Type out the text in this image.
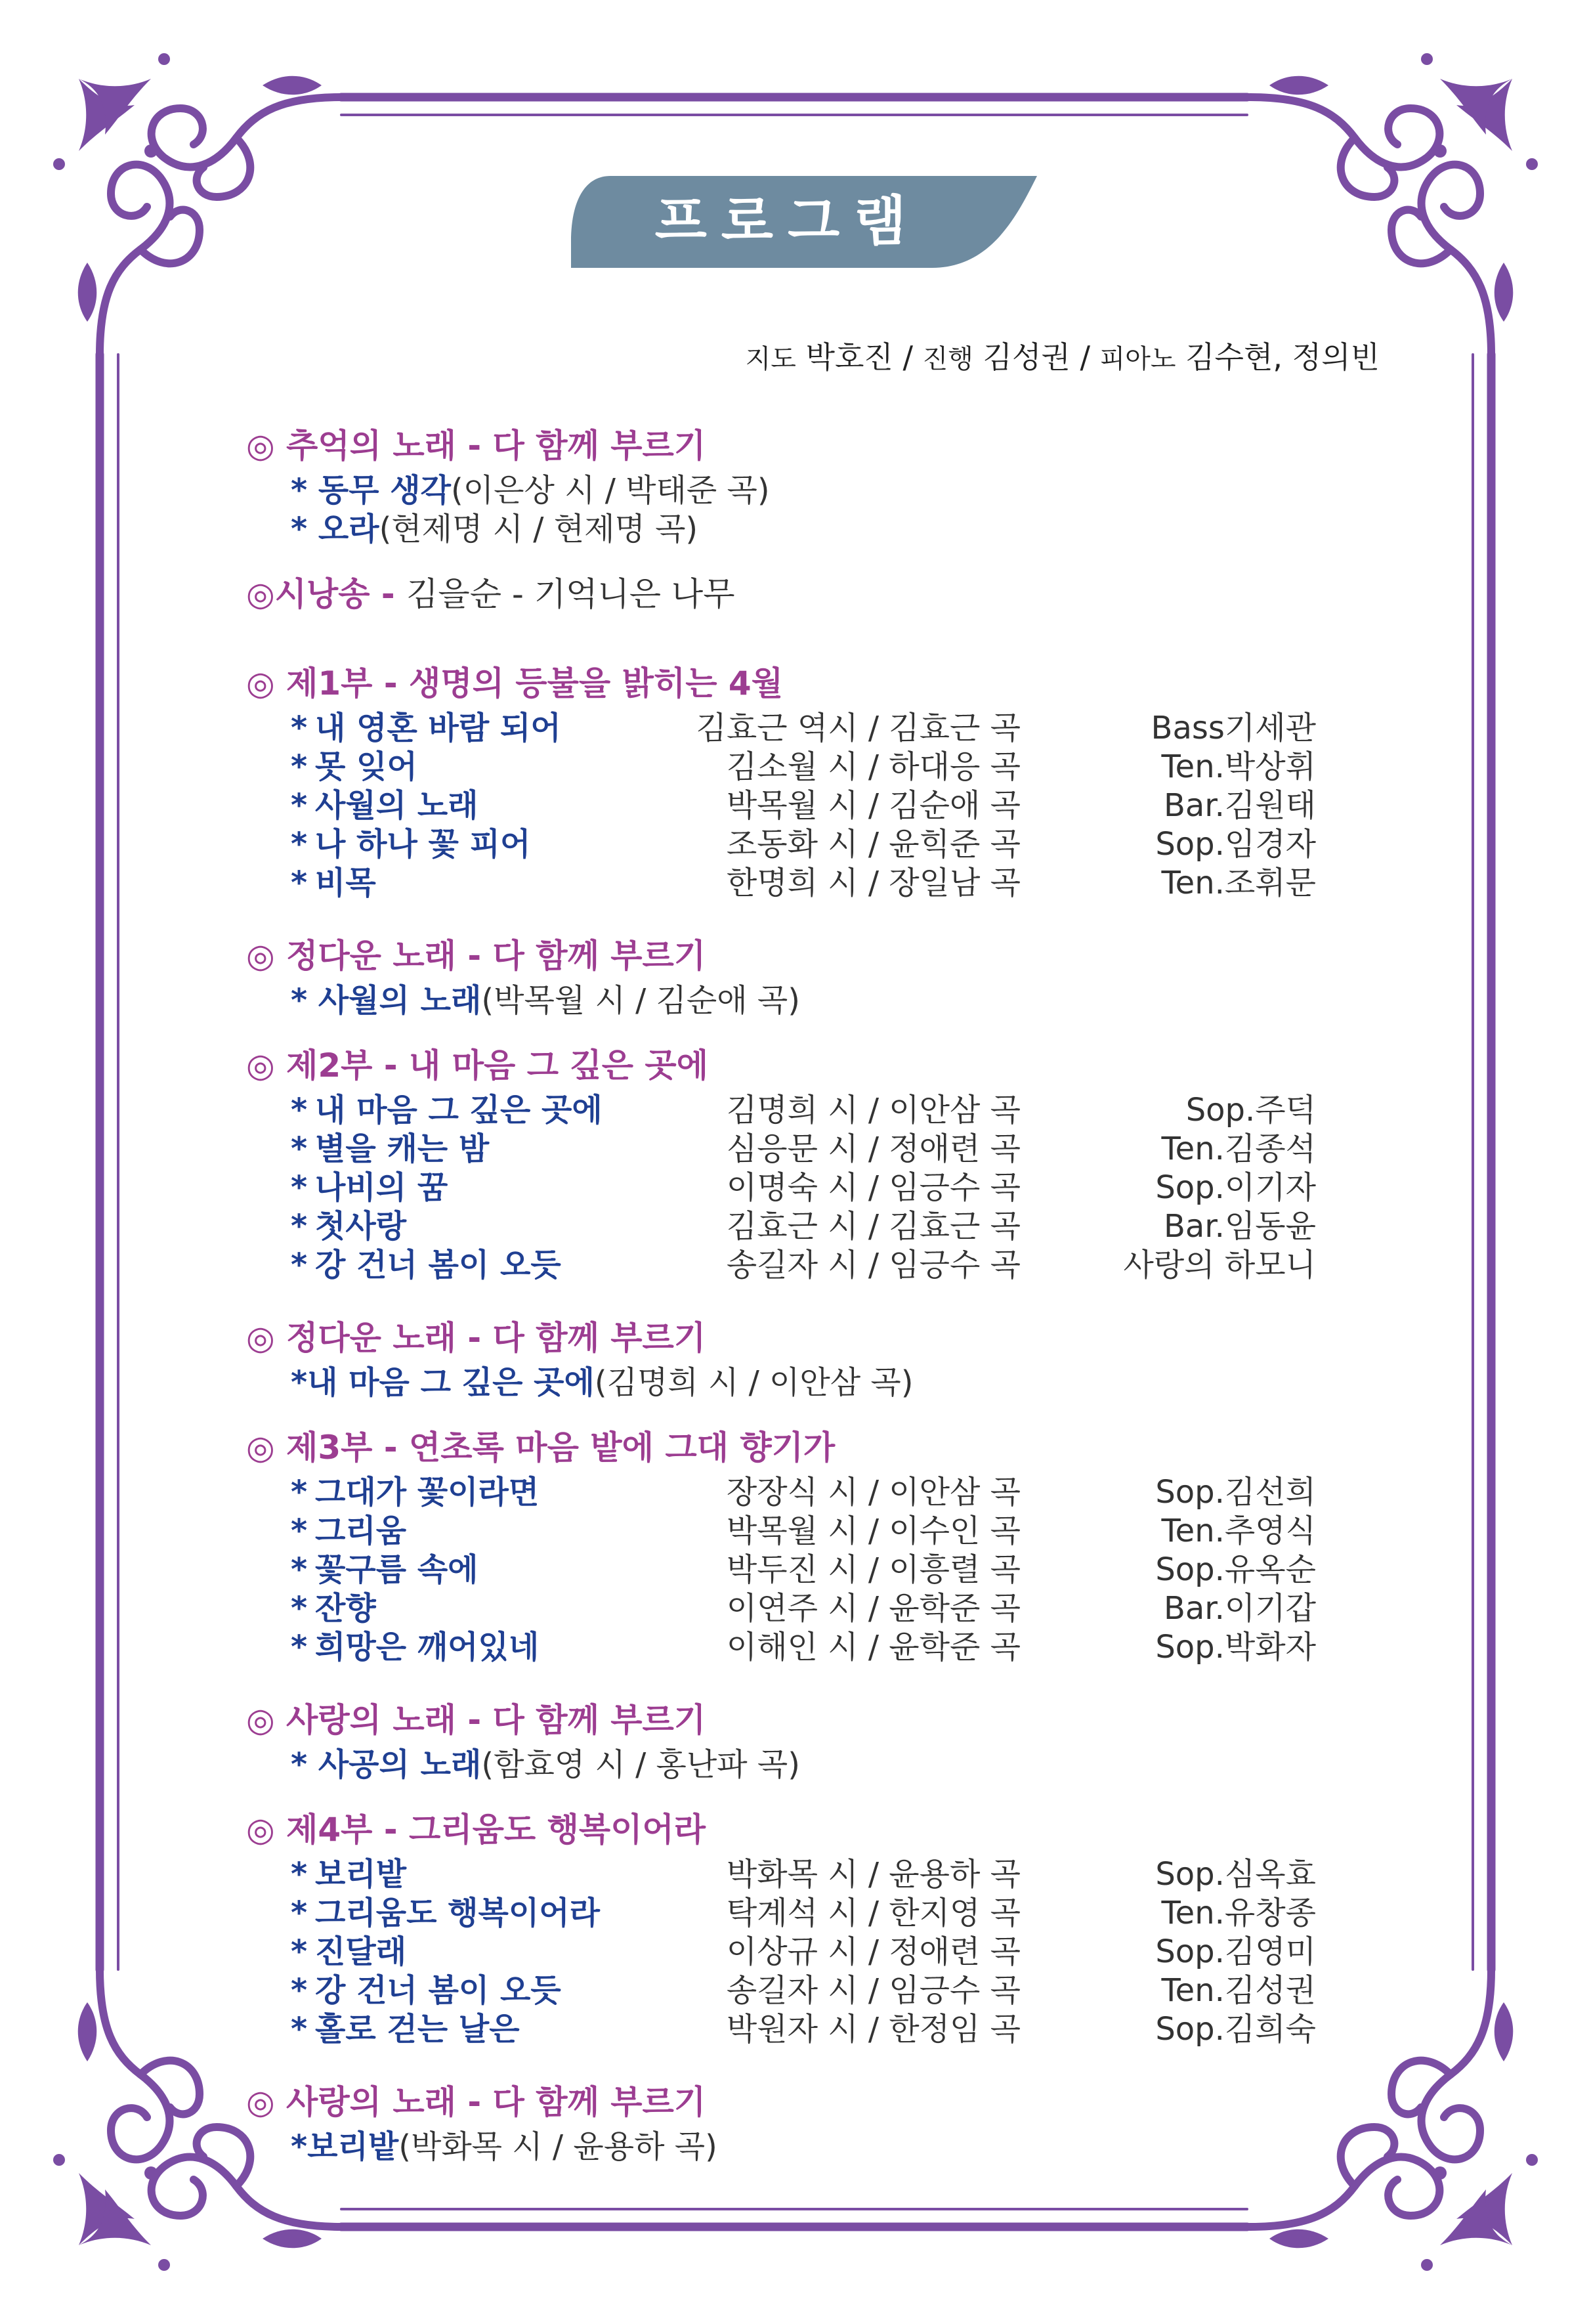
프로그램
지도 박호진 / 진행 김성권 / 피아노 김수현, 정의빈
◎ 추억의 노래 - 다 함께 부르기
* 동무 생각(이은상 시 / 박태준 곡)
* 오라(현제명 시 / 현제명 곡)
◎시낭송 - 김을순 - 기억니은 나무
◎ 제1부 - 생명의 등불을 밝히는 4월
* 내 영혼 바람 되어	김효근 역시 / 김효근 곡	Bass기세관
* 못 잊어	김소월 시 / 하대응 곡	Ten.박상휘
* 사월의 노래	박목월 시 / 김순애 곡	Bar.김원태
* 나 하나 꽃 피어	조동화 시 / 윤힉준 곡	Sop.임경자
* 비목	한명희 시 / 장일남 곡	Ten.조휘문
◎ 정다운 노래 - 다 함께 부르기
* 사월의 노래(박목월 시 / 김순애 곡)
◎ 제2부 - 내 마음 그 깊은 곳에
* 내 마음 그 깊은 곳에	김명희 시 / 이안삼 곡	Sop.주덕
* 별을 캐는 밤	심응문 시 / 정애련 곡	Ten.김종석
* 나비의 꿈	이명숙 시 / 임긍수 곡	Sop.이기자
* 첫사랑	김효근 시 / 김효근 곡	Bar.임동윤
* 강 건너 봄이 오듯	송길자 시 / 임긍수 곡	사랑의 하모니
◎ 정다운 노래 - 다 함께 부르기
*내 마음 그 깊은 곳에(김명희 시 / 이안삼 곡)
◎ 제3부 - 연초록 마음 밭에 그대 향기가
* 그대가 꽃이라면	장장식 시 / 이안삼 곡	Sop.김선희
* 그리움	박목월 시 / 이수인 곡	Ten.추영식
* 꽃구름 속에	박두진 시 / 이흥렬 곡	Sop.유옥순
* 잔향	이연주 시 / 윤학준 곡	Bar.이기갑
* 희망은 깨어있네	이해인 시 / 윤학준 곡	Sop.박화자
◎ 사랑의 노래 - 다 함께 부르기
* 사공의 노래(함효영 시 / 홍난파 곡)
◎ 제4부 - 그리움도 행복이어라
* 보리밭	박화목 시 / 윤용하 곡	Sop.심옥효
* 그리움도 행복이어라	탁계석 시 / 한지영 곡	Ten.유창종
* 진달래	이상규 시 / 정애련 곡	Sop.김영미
* 강 건너 봄이 오듯	송길자 시 / 임긍수 곡	Ten.김성권
* 홀로 걷는 날은	박원자 시 / 한정임 곡	Sop.김희숙
◎ 사랑의 노래 - 다 함께 부르기
*보리밭(박화목 시 / 윤용하 곡)
